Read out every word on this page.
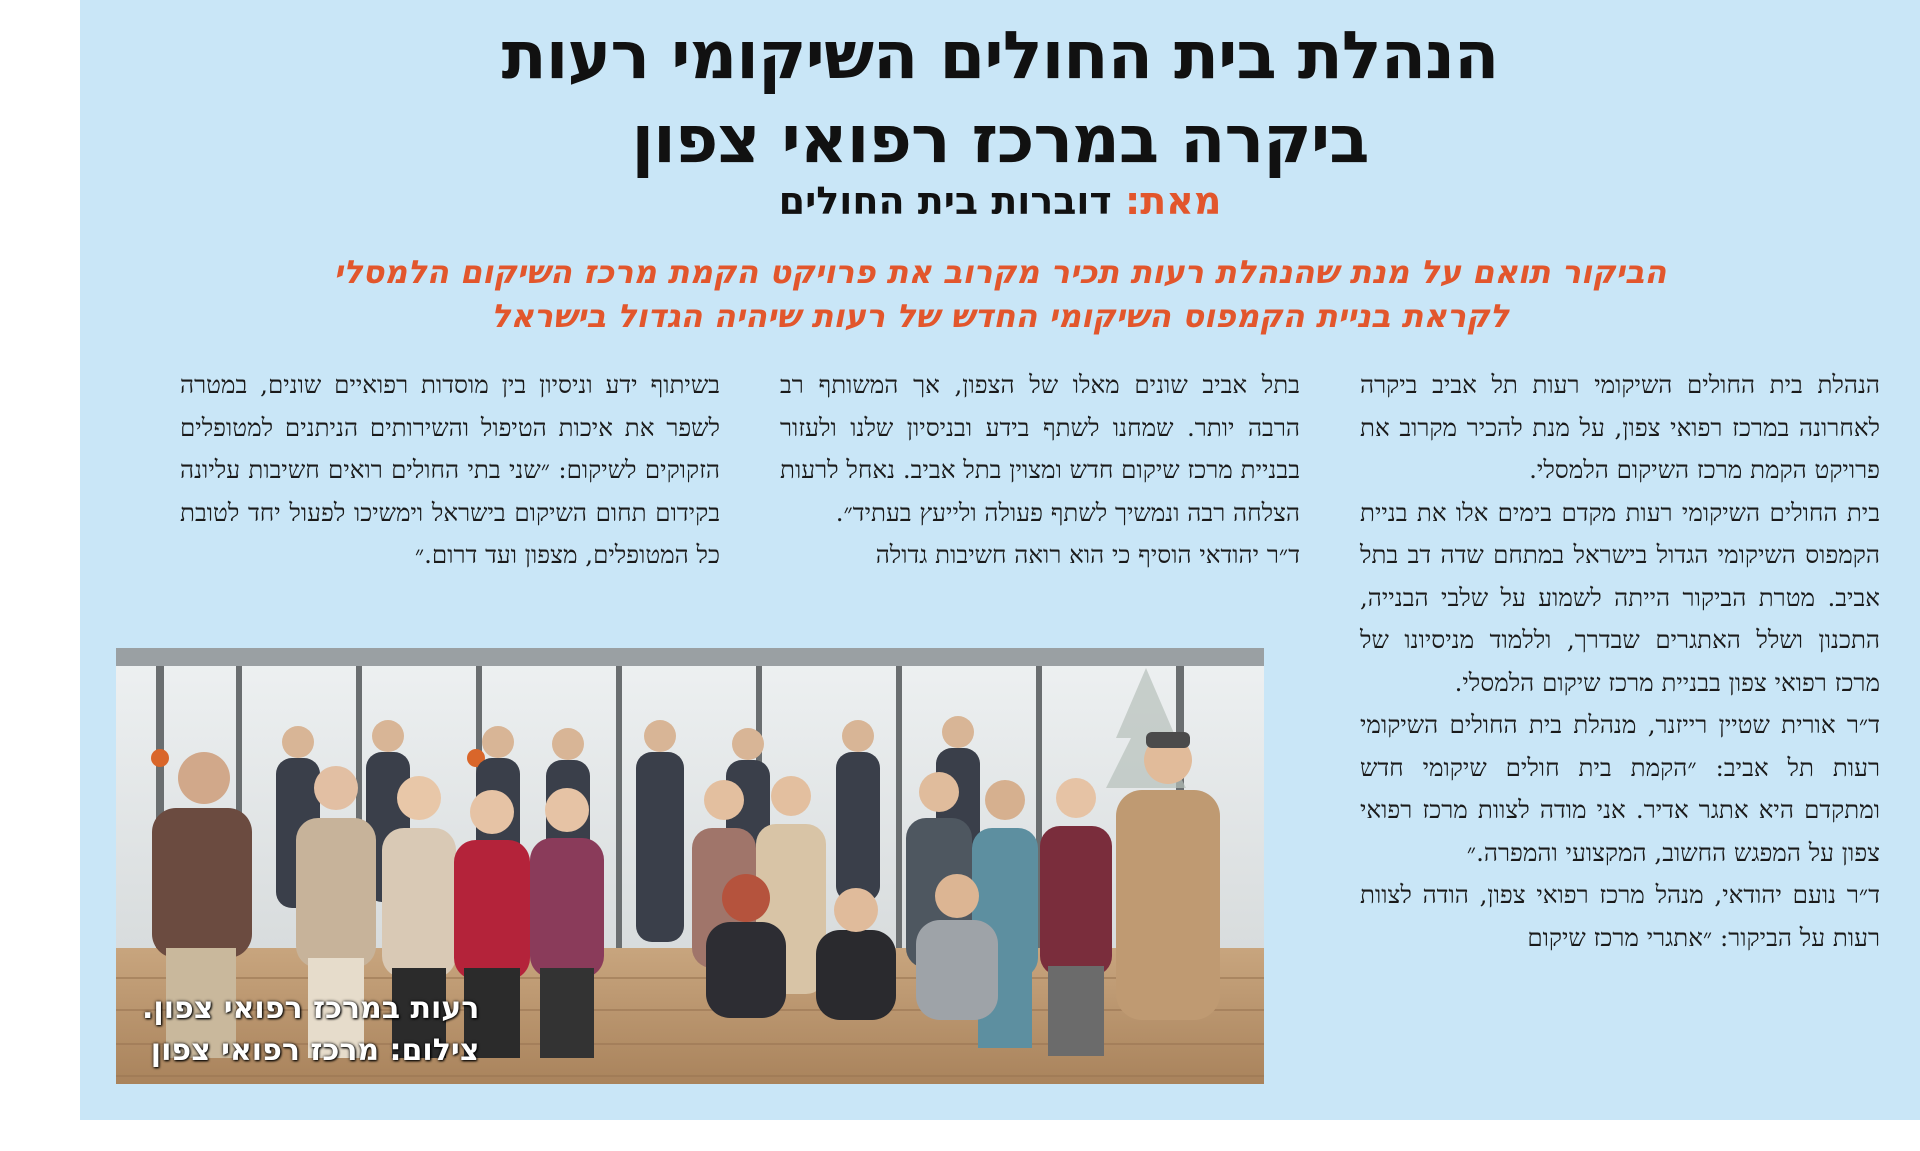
הנהלת בית החולים השיקומי רעות
ביקרה במרכז רפואי צפון
מאת: דוברות בית החולים
הביקור תואם על מנת שהנהלת רעות תכיר מקרוב את פרויקט הקמת מרכז השיקום הלמסלי
לקראת בניית הקמפוס השיקומי החדש של רעות שיהיה הגדול בישראל

הנהלת בית החולים השיקומי רעות תל אביב ביקרה לאחרונה במרכז רפואי צפון, על מנת להכיר מקרוב את פרויקט הקמת מרכז השיקום הלמסלי.

בית החולים השיקומי רעות מקדם בימים אלו את בניית הקמפוס השיקומי הגדול בישראל במתחם שדה דב בתל אביב. מטרת הביקור הייתה לשמוע על שלבי הבנייה, התכנון ושלל האתגרים שבדרך, וללמוד מניסיונו של מרכז רפואי צפון בבניית מרכז שיקום הלמסלי.

ד״ר אורית שטיין רייזנר, מנהלת בית החולים השיקומי רעות תל אביב: ״הקמת בית חולים שיקומי חדש ומתקדם היא אתגר אדיר. אני מודה לצוות מרכז רפואי צפון על המפגש החשוב, המקצועי והמפרה.״

ד״ר נועם יהודאי, מנהל מרכז רפואי צפון, הודה לצוות רעות על הביקור: ״אתגרי מרכז שיקום

בתל אביב שונים מאלו של הצפון, אך המשותף רב הרבה יותר. שמחנו לשתף בידע ובניסיון שלנו ולעזור בבניית מרכז שיקום חדש ומצוין בתל אביב. נאחל לרעות הצלחה רבה ונמשיך לשתף פעולה ולייעץ בעתיד״.

ד״ר יהודאי הוסיף כי הוא רואה חשיבות גדולה

בשיתוף ידע וניסיון בין מוסדות רפואיים שונים, במטרה לשפר את איכות הטיפול והשירותים הניתנים למטופלים הזקוקים לשיקום: ״שני בתי החולים רואים חשיבות עליונה בקידום תחום השיקום בישראל וימשיכו לפעול יחד לטובת כל המטופלים, מצפון ועד דרום.״

רעות במרכז רפואי צפון.
צילום: מרכז רפואי צפון
